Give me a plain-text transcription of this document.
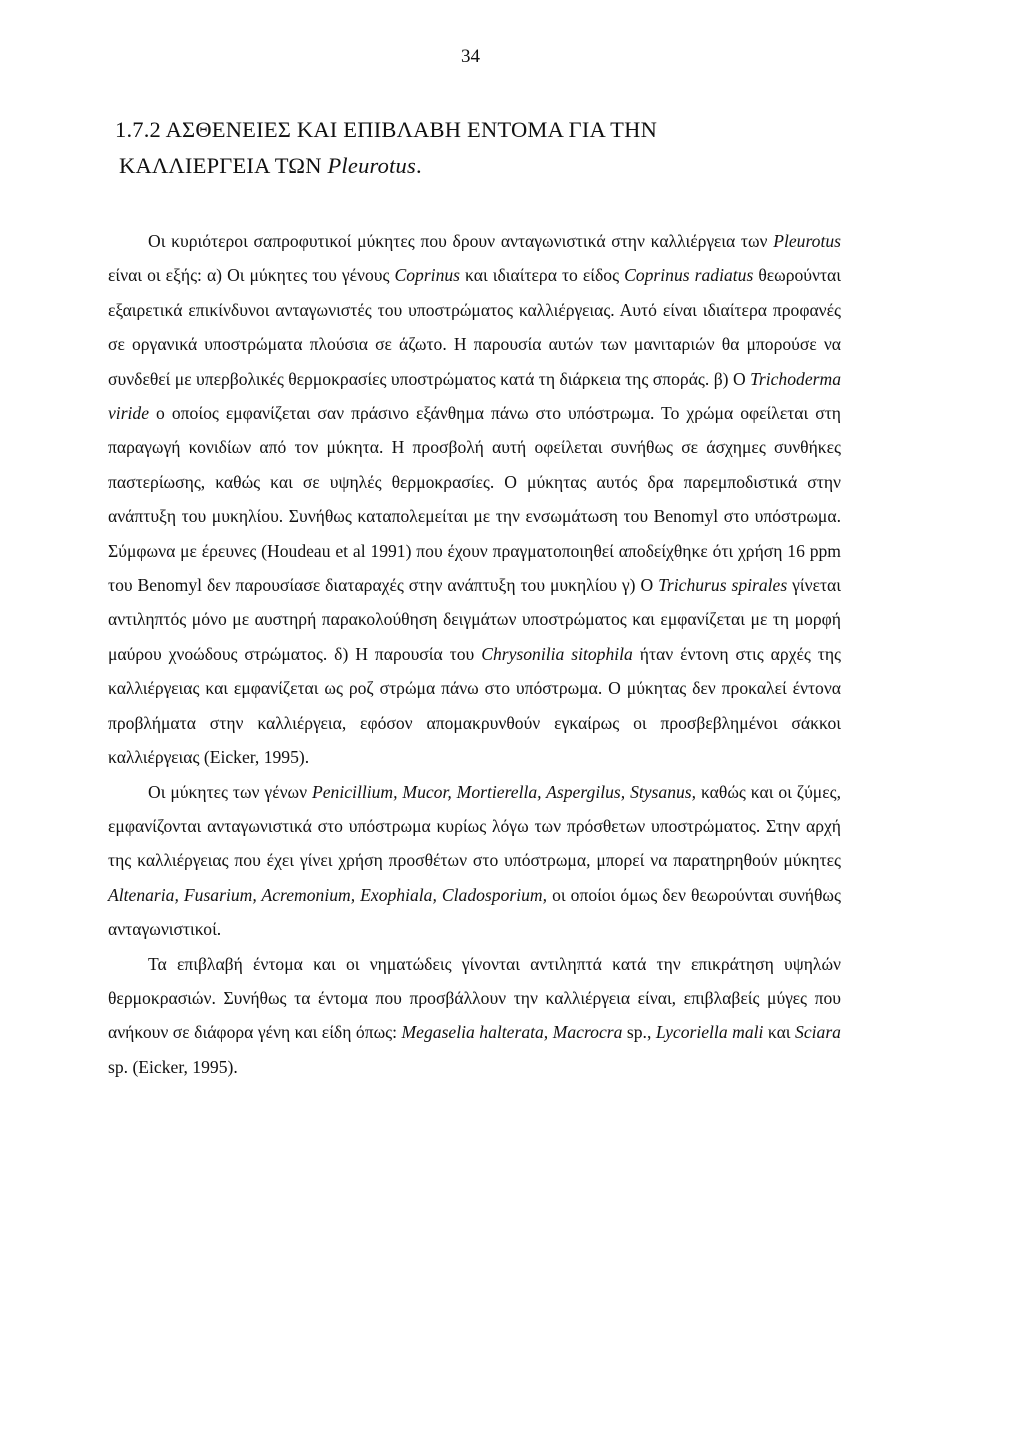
34
1.7.2 ΑΣΘΕΝΕΙΕΣ ΚΑΙ ΕΠΙΒΛΑΒΗ ΕΝΤΟΜΑ ΓΙΑ ΤΗΝ
ΚΑΛΛΙΕΡΓΕΙΑ ΤΩΝ Pleurotus.

Οι κυριότεροι σαπροφυτικοί μύκητες που δρουν ανταγωνιστικά στην καλλιέργεια των Pleurotus είναι οι εξής: α) Οι μύκητες του γένους Coprinus και ιδιαίτερα το είδος Coprinus radiatus θεωρούνται εξαιρετικά επικίνδυνοι ανταγωνιστές του υποστρώματος καλλιέργειας. Αυτό είναι ιδιαίτερα προφανές σε οργανικά υποστρώματα πλούσια σε άζωτο. Η παρουσία αυτών των μανιταριών θα μπορούσε να συνδεθεί με υπερβολικές θερμοκρασίες υποστρώματος κατά τη διάρκεια της σποράς. β) Ο Trichoderma viride ο οποίος εμφανίζεται σαν πράσινο εξάνθημα πάνω στο υπόστρωμα. Το χρώμα οφείλεται στη παραγωγή κονιδίων από τον μύκητα. Η προσβολή αυτή οφείλεται συνήθως σε άσχημες συνθήκες παστερίωσης, καθώς και σε υψηλές θερμοκρασίες. Ο μύκητας αυτός δρα παρεμποδιστικά στην ανάπτυξη του μυκηλίου. Συνήθως καταπολεμείται με την ενσωμάτωση του Benomyl στο υπόστρωμα. Σύμφωνα με έρευνες (Houdeau et al 1991) που έχουν πραγματοποιηθεί αποδείχθηκε ότι χρήση 16 ppm του Benomyl δεν παρουσίασε διαταραχές στην ανάπτυξη του μυκηλίου γ) Ο Trichurus spirales γίνεται αντιληπτός μόνο με αυστηρή παρακολούθηση δειγμάτων υποστρώματος και εμφανίζεται με τη μορφή μαύρου χνοώδους στρώματος. δ) Η παρουσία του Chrysonilia sitophila ήταν έντονη στις αρχές της καλλιέργειας και εμφανίζεται ως ροζ στρώμα πάνω στο υπόστρωμα. Ο μύκητας δεν προκαλεί έντονα προβλήματα στην καλλιέργεια, εφόσον απομακρυνθούν εγκαίρως οι προσβεβλημένοι σάκκοι καλλιέργειας (Eicker, 1995).

Οι μύκητες των γένων Penicillium, Mucor, Mortierella, Aspergilus, Stysanus, καθώς και οι ζύμες, εμφανίζονται ανταγωνιστικά στο υπόστρωμα κυρίως λόγω των πρόσθετων υποστρώματος. Στην αρχή της καλλιέργειας που έχει γίνει χρήση προσθέτων στο υπόστρωμα, μπορεί να παρατηρηθούν μύκητες Altenaria, Fusarium, Acremonium, Exophiala, Cladosporium, οι οποίοι όμως δεν θεωρούνται συνήθως ανταγωνιστικοί.

Τα επιβλαβή έντομα και οι νηματώδεις γίνονται αντιληπτά κατά την επικράτηση υψηλών θερμοκρασιών. Συνήθως τα έντομα που προσβάλλουν την καλλιέργεια είναι, επιβλαβείς μύγες που ανήκουν σε διάφορα γένη και είδη όπως: Megaselia halterata, Macrocra sp., Lycoriella mali και Sciara sp. (Eicker, 1995).
